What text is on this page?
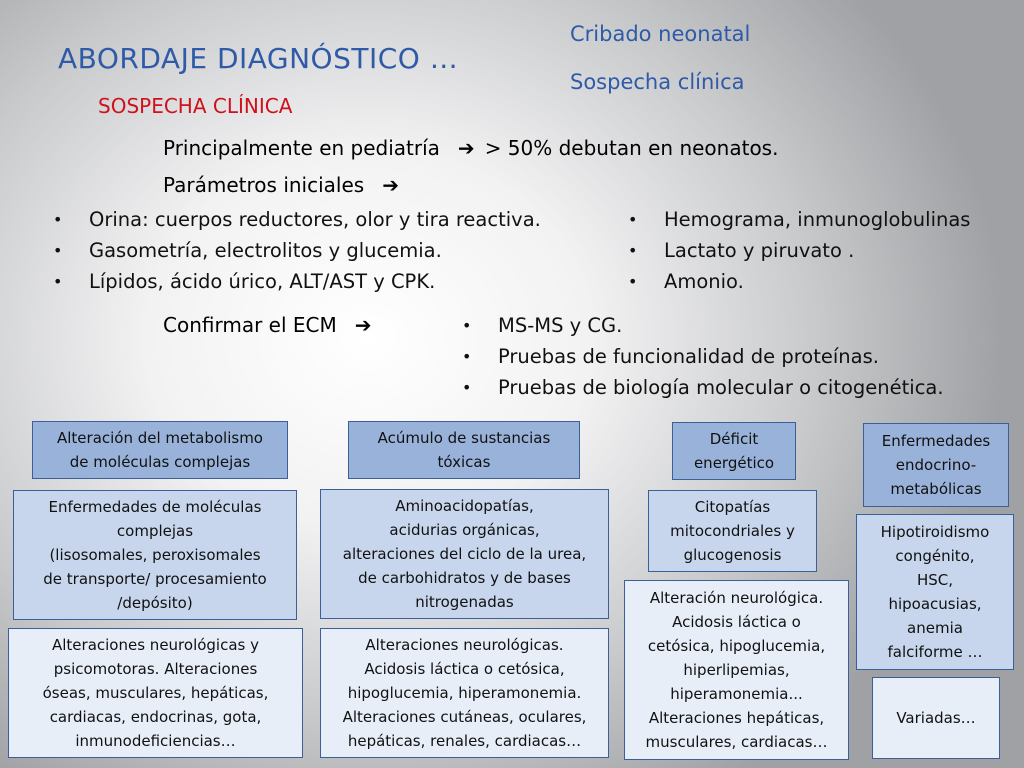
ABORDAJE DIAGNÓSTICO …
SOSPECHA CLÍNICA
Cribado neonatal
Sospecha clínica
Principalmente en pediatría ➔ > 50% debutan en neonatos.
Parámetros iniciales ➔
• Orina: cuerpos reductores, olor y tira reactiva.
• Gasometría, electrolitos y glucemia.
• Lípidos, ácido úrico, ALT/AST y CPK.
• Hemograma, inmunoglobulinas
• Lactato y piruvato .
• Amonio.
Confirmar el ECM ➔
•	MS-MS y CG.
• Pruebas de funcionalidad de proteínas.
• Pruebas de biología molecular o citogenética.
Alteración del metabolismo
de moléculas complejas
Enfermedades de moléculas
complejas
(lisosomales, peroxisomales
de transporte/ procesamiento
/depósito)
Alteraciones neurológicas y
psicomotoras. Alteraciones
óseas, musculares, hepáticas,
cardiacas, endocrinas, gota,
inmunodeficiencias…
Acúmulo de sustancias
tóxicas
Aminoacidopatías,
acidurias orgánicas,
alteraciones del ciclo de la urea,
de carbohidratos y de bases
nitrogenadas
Alteraciones neurológicas.
Acidosis láctica o cetósica,
hipoglucemia, hiperamonemia.
Alteraciones cutáneas, oculares,
hepáticas, renales, cardiacas…
Déficit
energético
Citopatías
mitocondriales y
glucogenosis
Alteración neurológica.
Acidosis láctica o
cetósica, hipoglucemia,
hiperlipemias,
hiperamonemia...
Alteraciones hepáticas,
musculares, cardiacas…
Enfermedades
endocrino-
metabólicas
Hipotiroidismo
congénito,
HSC,
hipoacusias,
anemia
falciforme …
Variadas…
